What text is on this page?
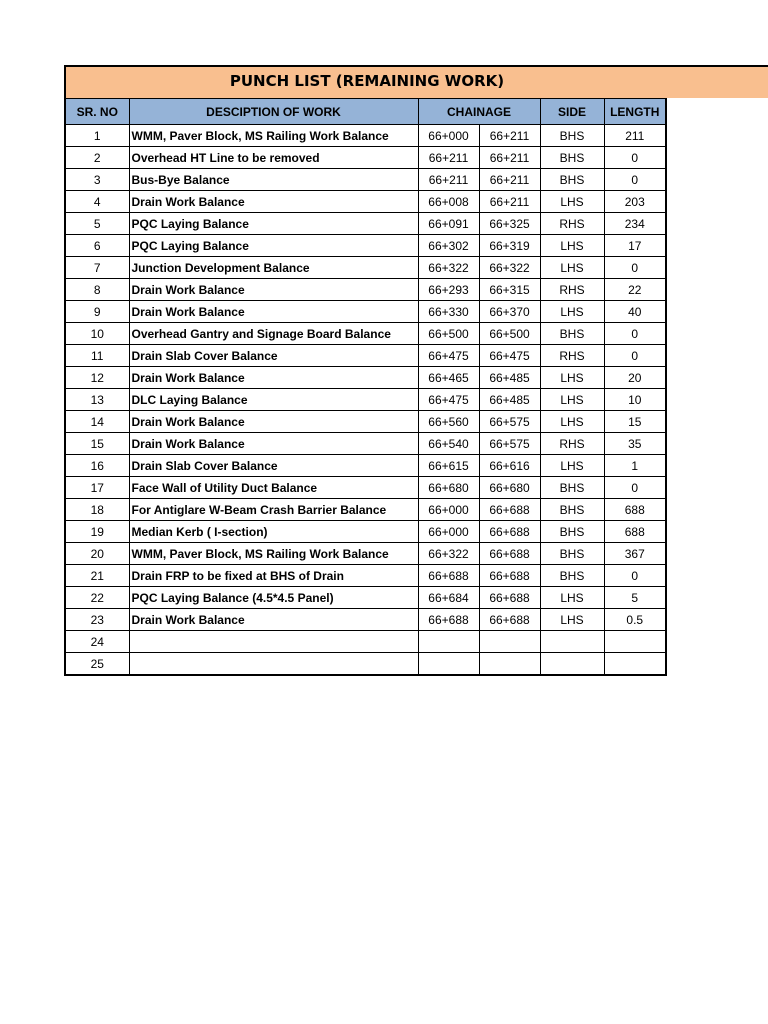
PUNCH LIST (REMAINING WORK)
SR. NO	DESCIPTION OF WORK	CHAINAGE		SIDE	LENGTH
1	WMM, Paver Block, MS Railing Work Balance	66+000	66+211	BHS	211
2	Overhead HT Line to be removed	66+211	66+211	BHS	0
3	Bus-Bye Balance	66+211	66+211	BHS	0
4	Drain Work Balance	66+008	66+211	LHS	203
5	PQC Laying Balance	66+091	66+325	RHS	234
6	PQC Laying Balance	66+302	66+319	LHS	17
7	Junction Development Balance	66+322	66+322	LHS	0
8	Drain Work Balance	66+293	66+315	RHS	22
9	Drain Work Balance	66+330	66+370	LHS	40
10	Overhead Gantry and Signage Board Balance	66+500	66+500	BHS	0
11	Drain Slab Cover Balance	66+475	66+475	RHS	0
12	Drain Work Balance	66+465	66+485	LHS	20
13	DLC Laying Balance	66+475	66+485	LHS	10
14	Drain Work Balance	66+560	66+575	LHS	15
15	Drain Work Balance	66+540	66+575	RHS	35
16	Drain Slab Cover Balance	66+615	66+616	LHS	1
17	Face Wall of Utility Duct Balance	66+680	66+680	BHS	0
18	For Antiglare W-Beam Crash Barrier Balance	66+000	66+688	BHS	688
19	Median Kerb ( I-section)	66+000	66+688	BHS	688
20	WMM, Paver Block, MS Railing Work Balance	66+322	66+688	BHS	367
21	Drain FRP to be fixed at BHS of Drain	66+688	66+688	BHS	0
22	PQC Laying Balance (4.5*4.5 Panel)	66+684	66+688	LHS	5
23	Drain Work Balance	66+688	66+688	LHS	0.5
24					
25					
